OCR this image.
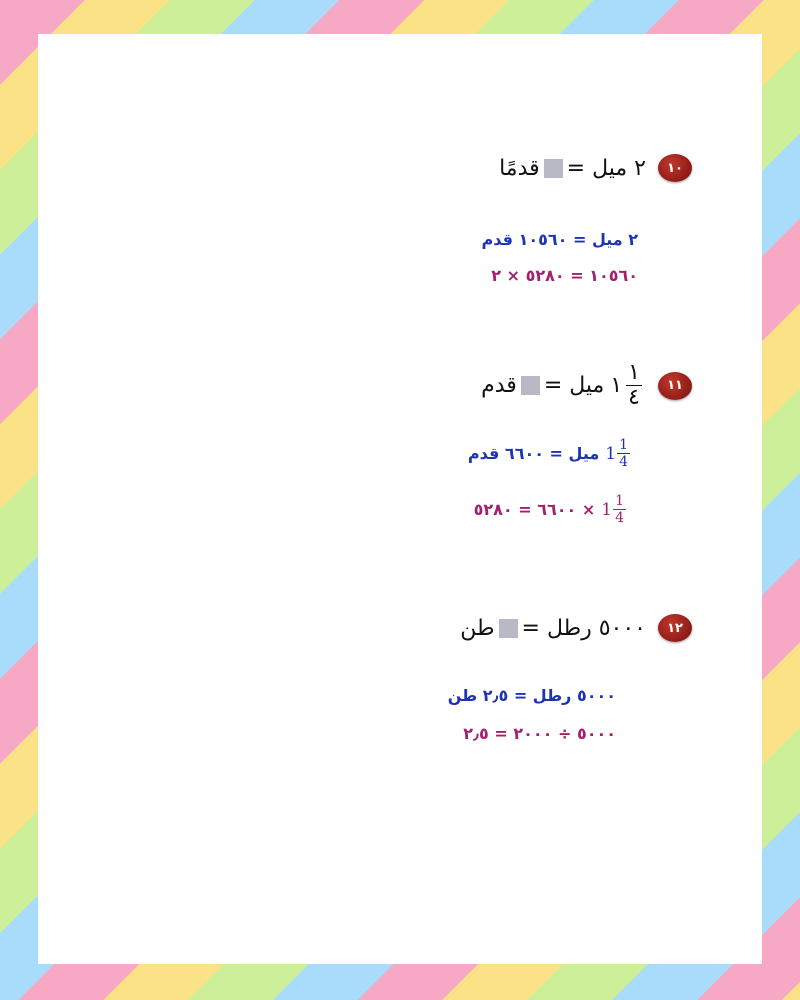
١٠
٢ ميل =
قدمًا
٢ ميل = ١٠٥٦٠ قدم
١٠٥٦٠ = ٥٢٨٠ × ٢
١١
$\frac{١}{٤}$
١
ميل =
قدم
$1 \frac{1}{4}$
ميل = ٦٦٠٠ قدم
$1 \frac{1}{4}$
٦٦٠٠ = ٥٢٨٠ ×
١٢
٥٠٠٠ رطل =
طن
٥٠٠٠ رطل = ٢٫٥ طن
٥٠٠٠ ÷ ٢٠٠٠ = ٢٫٥
